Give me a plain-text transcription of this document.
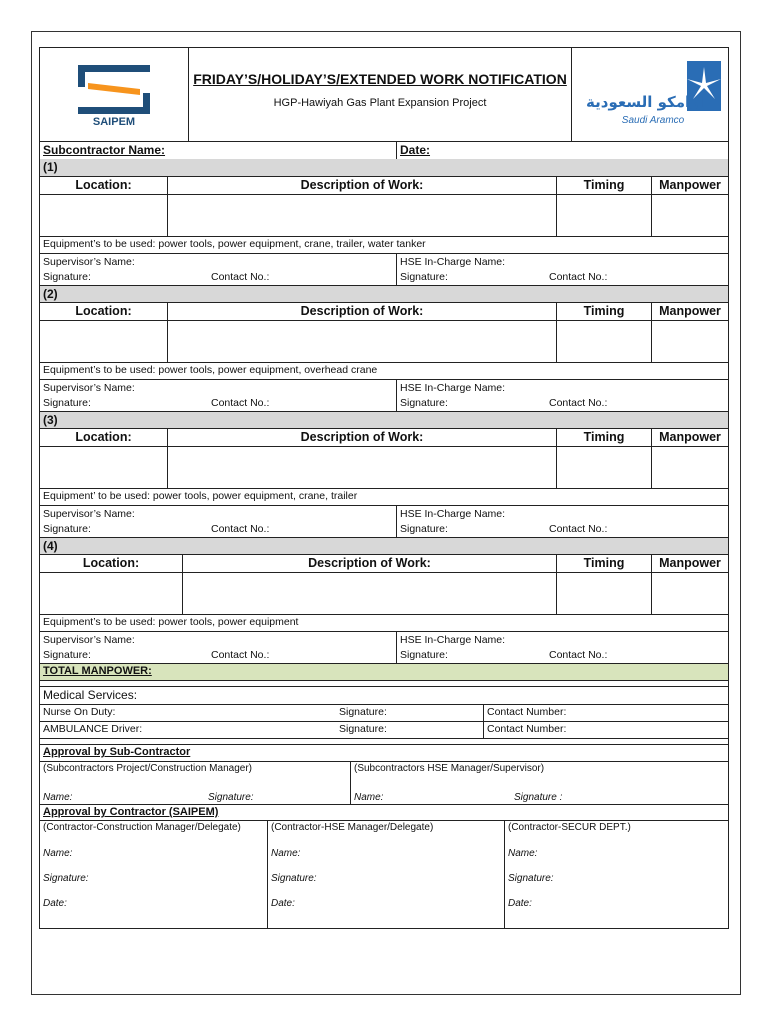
SAIPEM
FRIDAY’S/HOLIDAY’S/EXTENDED WORK NOTIFICATION
HGP-Hawiyah Gas Plant Expansion Project	ارامكو السعودية
Saudi Aramco
Subcontractor Name:	Date:
(1)
Location:	Description of Work:	Timing	Manpower
Equipment’s to be used: power tools, power equipment, crane, trailer, water tanker
Supervisor’s Name:
Signature:	Contact No.:
HSE In-Charge Name:
Signature:	Contact No.:
(2)
Location:	Description of Work:	Timing	Manpower
Equipment’s to be used: power tools, power equipment, overhead crane
Supervisor’s Name:
Signature:	Contact No.:
HSE In-Charge Name:
Signature:	Contact No.:
(3)
Location:	Description of Work:	Timing	Manpower
Equipment’ to be used: power tools, power equipment, crane, trailer
Supervisor’s Name:
Signature:	Contact No.:
HSE In-Charge Name:
Signature:	Contact No.:
(4)
Location:	Description of Work:	Timing	Manpower
Equipment’s to be used: power tools, power equipment
Supervisor’s Name:
Signature:	Contact No.:
HSE In-Charge Name:
Signature:	Contact No.:
TOTAL MANPOWER:
Medical Services:
Nurse On Duty:	Signature:	Contact Number:
AMBULANCE Driver:	Signature:	Contact Number:
Approval by Sub-Contractor
(Subcontractors Project/Construction Manager)
Name:	Signature:
(Subcontractors HSE Manager/Supervisor)
Name:	Signature :
Approval by Contractor (SAIPEM)
(Contractor-Construction Manager/Delegate)
Name:
Signature:
Date:
(Contractor-HSE Manager/Delegate)
Name:
Signature:
Date:
(Contractor-SECUR DEPT.)
Name:
Signature:
Date:
